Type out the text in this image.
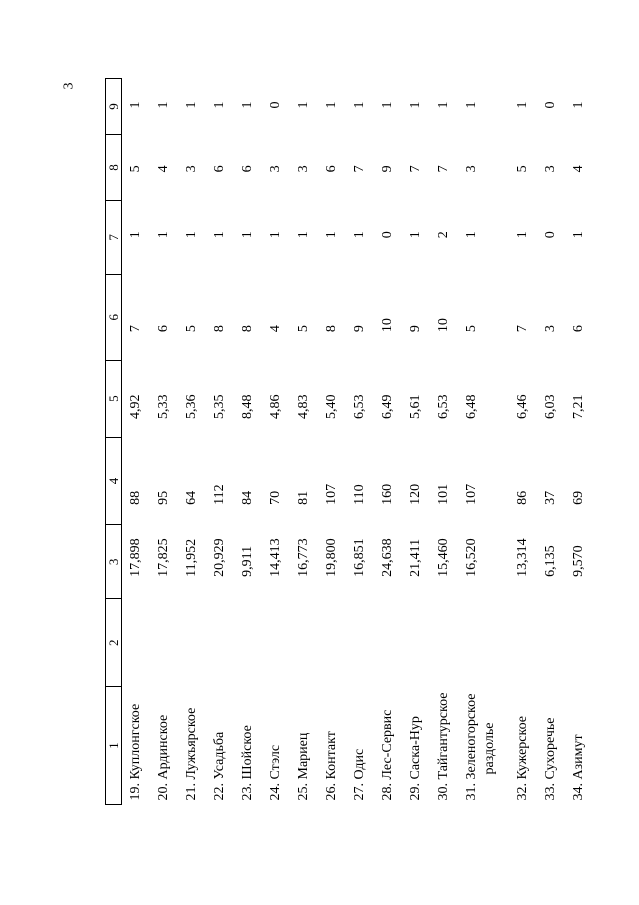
3
1	2	3	4	5	6	7	8	9
19. Куплонгское		17,898	88	4,92	7	1	5	1
20. Ардинское		17,825	95	5,33	6	1	4	1
21. Лужъярское		11,952	64	5,36	5	1	3	1
22. Усадьба		20,929	112	5,35	8	1	6	1
23. Шойское		9,911	84	8,48	8	1	6	1
24. Стэлс		14,413	70	4,86	4	1	3	0
25. Мариец		16,773	81	4,83	5	1	3	1
26. Контакт		19,800	107	5,40	8	1	6	1
27. Одис		16,851	110	6,53	9	1	7	1
28. Лес-Сервис		24,638	160	6,49	10	0	9	1
29. Саска-Нур		21,411	120	5,61	9	1	7	1
30. Тайгантурское		15,460	101	6,53	10	2	7	1
31. Зеленогорское раздолье		16,520	107	6,48	5	1	3	1
32. Кужерское		13,314	86	6,46	7	1	5	1
33. Сухоречье		6,135	37	6,03	3	0	3	0
34. Азимут		9,570	69	7,21	6	1	4	1
